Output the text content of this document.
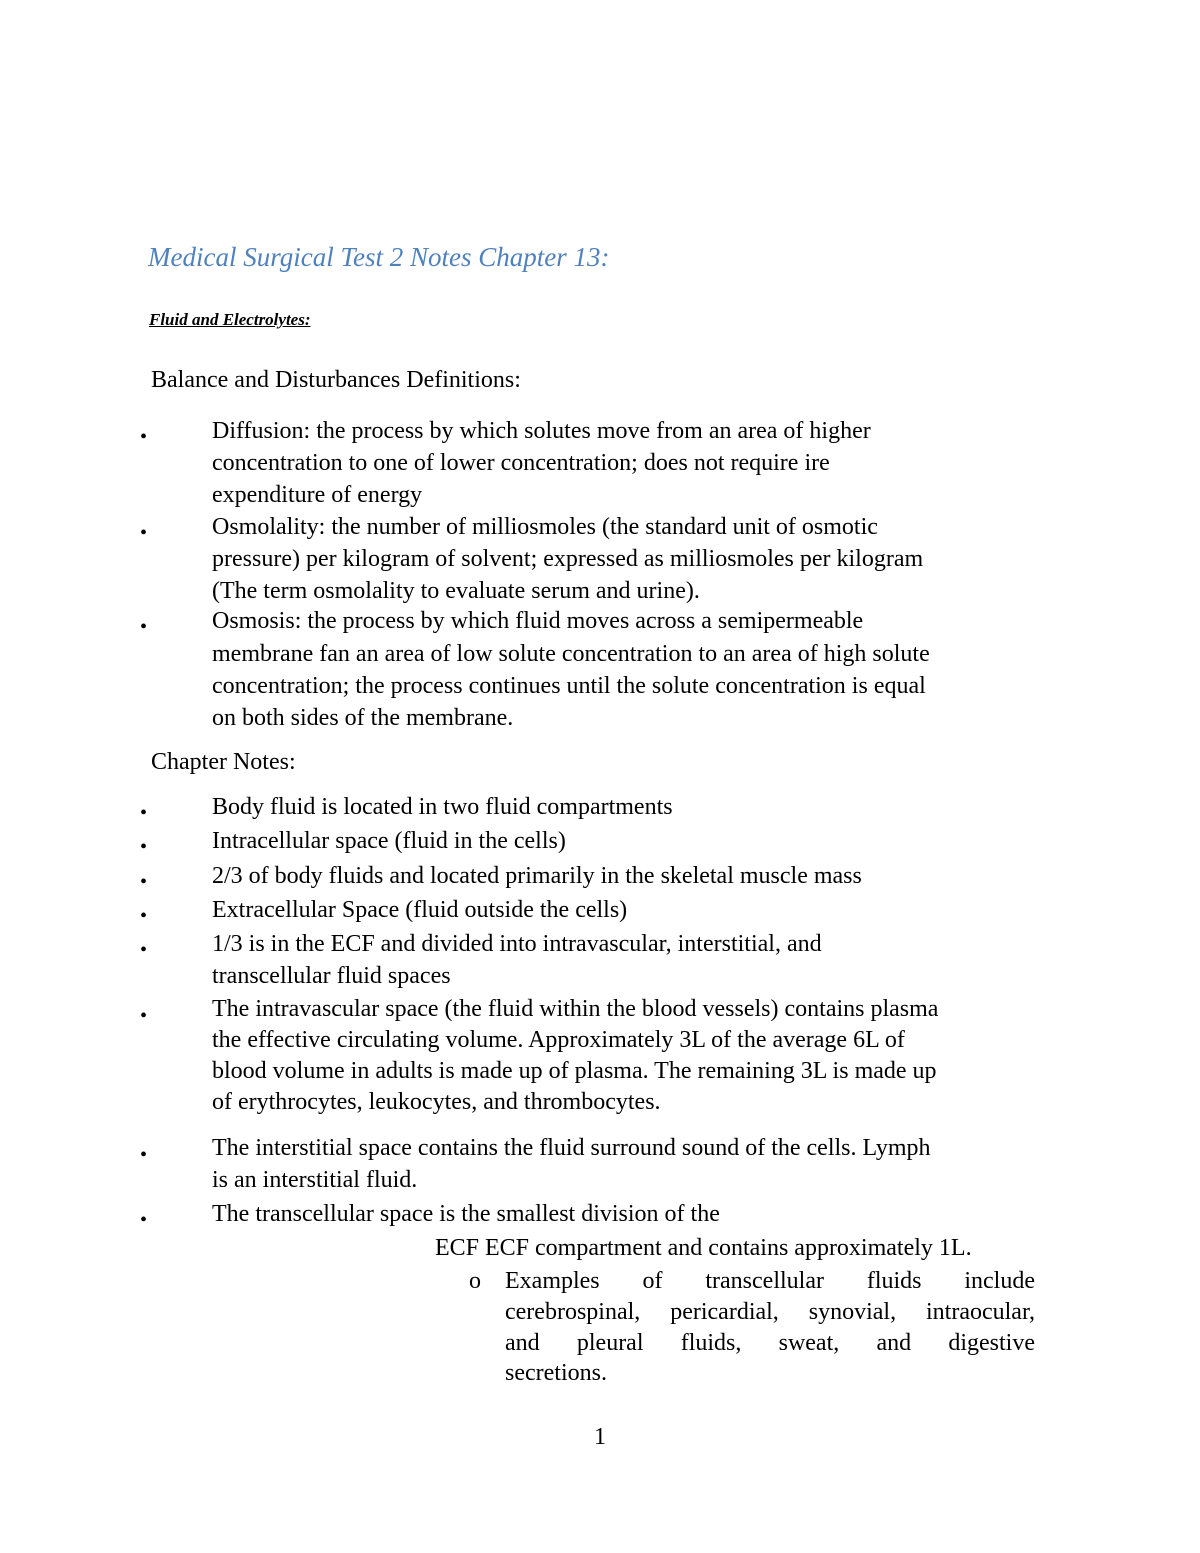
Medical Surgical Test 2 Notes Chapter 13:

Fluid and Electrolytes:

Balance and Disturbances Definitions:

•	Diffusion: the process by which solutes move from an area of higher

concentration to one of lower concentration; does not require ire

expenditure of energy

•	Osmolality: the number of milliosmoles (the standard unit of osmotic

pressure) per kilogram of solvent; expressed as milliosmoles per kilogram

(The term osmolality to evaluate serum and urine).

•	Osmosis: the process by which fluid moves across a semipermeable

membrane fan an area of low solute concentration to an area of high solute

concentration; the process continues until the solute concentration is equal

on both sides of the membrane.

Chapter Notes:

•	Body fluid is located in two fluid compartments

•	Intracellular space (fluid in the cells)

•	2/3 of body fluids and located primarily in the skeletal muscle mass

•	Extracellular Space (fluid outside the cells)

•	1/3 is in the ECF and divided into intravascular, interstitial, and

transcellular fluid spaces

•	The intravascular space (the fluid within the blood vessels) contains plasma

the effective circulating volume. Approximately 3L of the average 6L of

blood volume in adults is made up of plasma. The remaining 3L is made up

of erythrocytes, leukocytes, and thrombocytes.

•	The interstitial space contains the fluid surround sound of the cells. Lymph

is an interstitial fluid.

•	The transcellular space is the smallest division of the

ECF ECF compartment and contains approximately 1L.

o Examples of transcellular fluids include

cerebrospinal, pericardial, synovial, intraocular,

and pleural fluids, sweat, and digestive

secretions.

1
